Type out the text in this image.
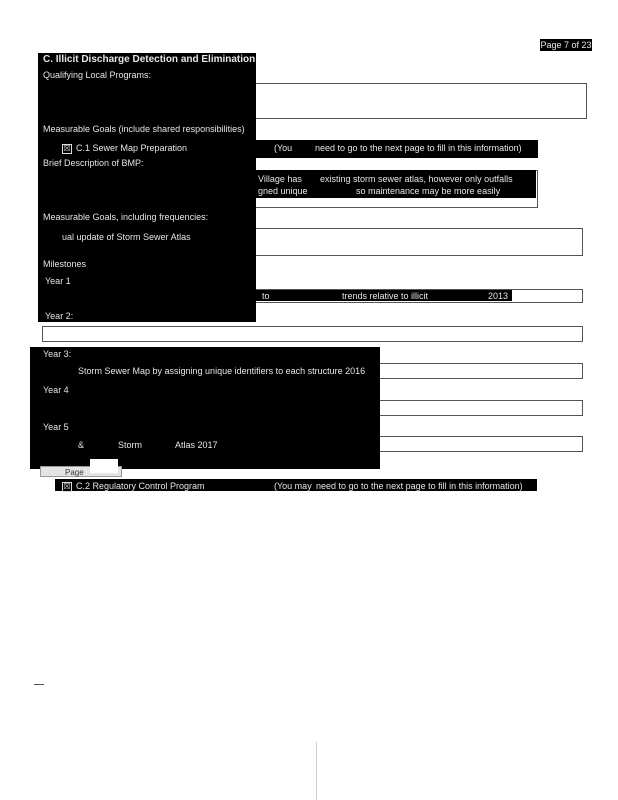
Page 7 of 23
C. Illicit Discharge Detection and Elimination
Qualifying Local Programs:
Measurable Goals (include shared responsibilities)
☒ C.1 Sewer Map Preparation	(You	need to go to the next page to fill in this information)
Brief Description of BMP:
Village has existing storm sewer atlas, however only outfalls
gned unique	so maintenance may be more easily
Measurable Goals, including frequencies:
ual update of Storm Sewer Atlas
Milestones
Year 1
to	trends relative to illicit	2013
Year 2:
Year 3:
Storm Sewer Map by assigning unique identifiers to each structure 2016
Year 4
Year 5
&	Storm	Atlas 2017
Page
☒ C.2 Regulatory Control Program	(You may need to go to the next page to fill in this information)
